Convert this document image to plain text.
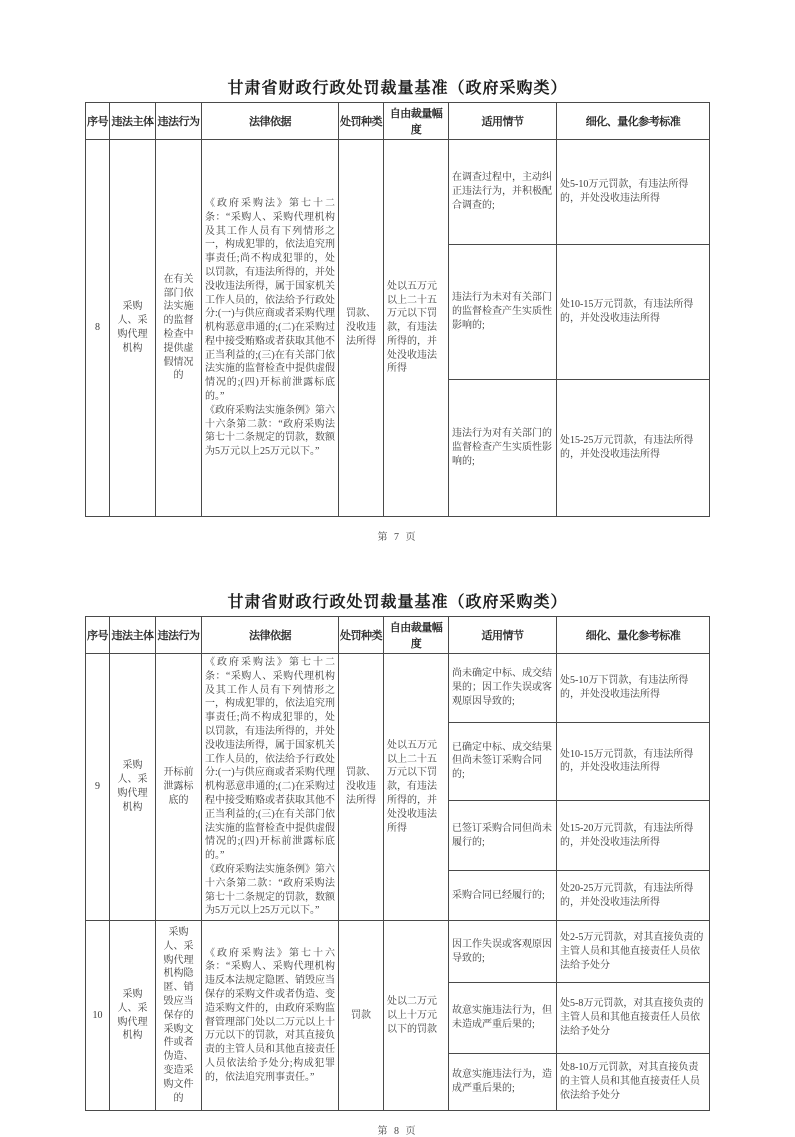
甘肃省财政行政处罚裁量基准（政府采购类）
序号	违法主体	违法行为	法律依据	处罚种类	自由裁量幅度	适用情节	细化、量化参考标准
8	采购人、采购代理机构	在有关部门依法实施的监督检查中提供虚假情况的	《政府采购法》第七十二条：“采购人、采购代理机构及其工作人员有下列情形之一，构成犯罪的，依法追究刑事责任;尚不构成犯罪的，处以罚款，有违法所得的，并处没收违法所得，属于国家机关工作人员的，依法给予行政处分:(一)与供应商或者采购代理机构恶意串通的;(二)在采购过程中接受贿赂或者获取其他不正当利益的;(三)在有关部门依法实施的监督检查中提供虚假情况的;(四)开标前泄露标底的。”
《政府采购法实施条例》第六十六条第二款：“政府采购法第七十二条规定的罚款，数额为5万元以上25万元以下。”	罚款、没收违法所得	处以五万元以上二十五万元以下罚款，有违法所得的，并处没收违法所得	在调查过程中，主动纠正违法行为，并积极配合调查的;	处5-10万元罚款，有违法所得的，并处没收违法所得
						违法行为未对有关部门的监督检查产生实质性影响的;	处10-15万元罚款，有违法所得的，并处没收违法所得
						违法行为对有关部门的监督检查产生实质性影响的;	处15-25万元罚款，有违法所得的，并处没收违法所得
第 7 页
甘肃省财政行政处罚裁量基准（政府采购类）
序号	违法主体	违法行为	法律依据	处罚种类	自由裁量幅度	适用情节	细化、量化参考标准
9	采购人、采购代理机构	开标前泄露标底的	《政府采购法》第七十二条：“采购人、采购代理机构及其工作人员有下列情形之一，构成犯罪的，依法追究刑事责任;尚不构成犯罪的，处以罚款，有违法所得的，并处没收违法所得，属于国家机关工作人员的，依法给予行政处分:(一)与供应商或者采购代理机构恶意串通的;(二)在采购过程中接受贿赂或者获取其他不正当利益的;(三)在有关部门依法实施的监督检查中提供虚假情况的;(四)开标前泄露标底的。”
《政府采购法实施条例》第六十六条第二款：“政府采购法第七十二条规定的罚款，数额为5万元以上25万元以下。”	罚款、没收违法所得	处以五万元以上二十五万元以下罚款，有违法所得的，并处没收违法所得	尚未确定中标、成交结果的；因工作失误或客观原因导致的;	处5-10万下罚款，有违法所得的，并处没收违法所得
						已确定中标、成交结果但尚未签订采购合同的;	处10-15万元罚款，有违法所得的，并处没收违法所得
						已签订采购合同但尚未履行的;	处15-20万元罚款，有违法所得的，并处没收违法所得
						采购合同已经履行的;	处20-25万元罚款，有违法所得的，并处没收违法所得
10	采购人、采购代理机构	采购人、采购代理机构隐匿、销毁应当保存的采购文件或者伪造、变造采购文件的	《政府采购法》第七十六条：“采购人、采购代理机构违反本法规定隐匿、销毁应当保存的采购文件或者伪造、变造采购文件的，由政府采购监督管理部门处以二万元以上十万元以下的罚款，对其直接负责的主管人员和其他直接责任人员依法给予处分;构成犯罪的，依法追究刑事责任。”	罚款	处以二万元以上十万元以下的罚款	因工作失误或客观原因导致的;	处2-5万元罚款，对其直接负责的主管人员和其他直接责任人员依法给予处分
						故意实施违法行为，但未造成严重后果的;	处5-8万元罚款，对其直接负责的主管人员和其他直接责任人员依法给予处分
						故意实施违法行为，造成严重后果的;	处8-10万元罚款，对其直接负责的主管人员和其他直接责任人员依法给予处分
第 8 页
